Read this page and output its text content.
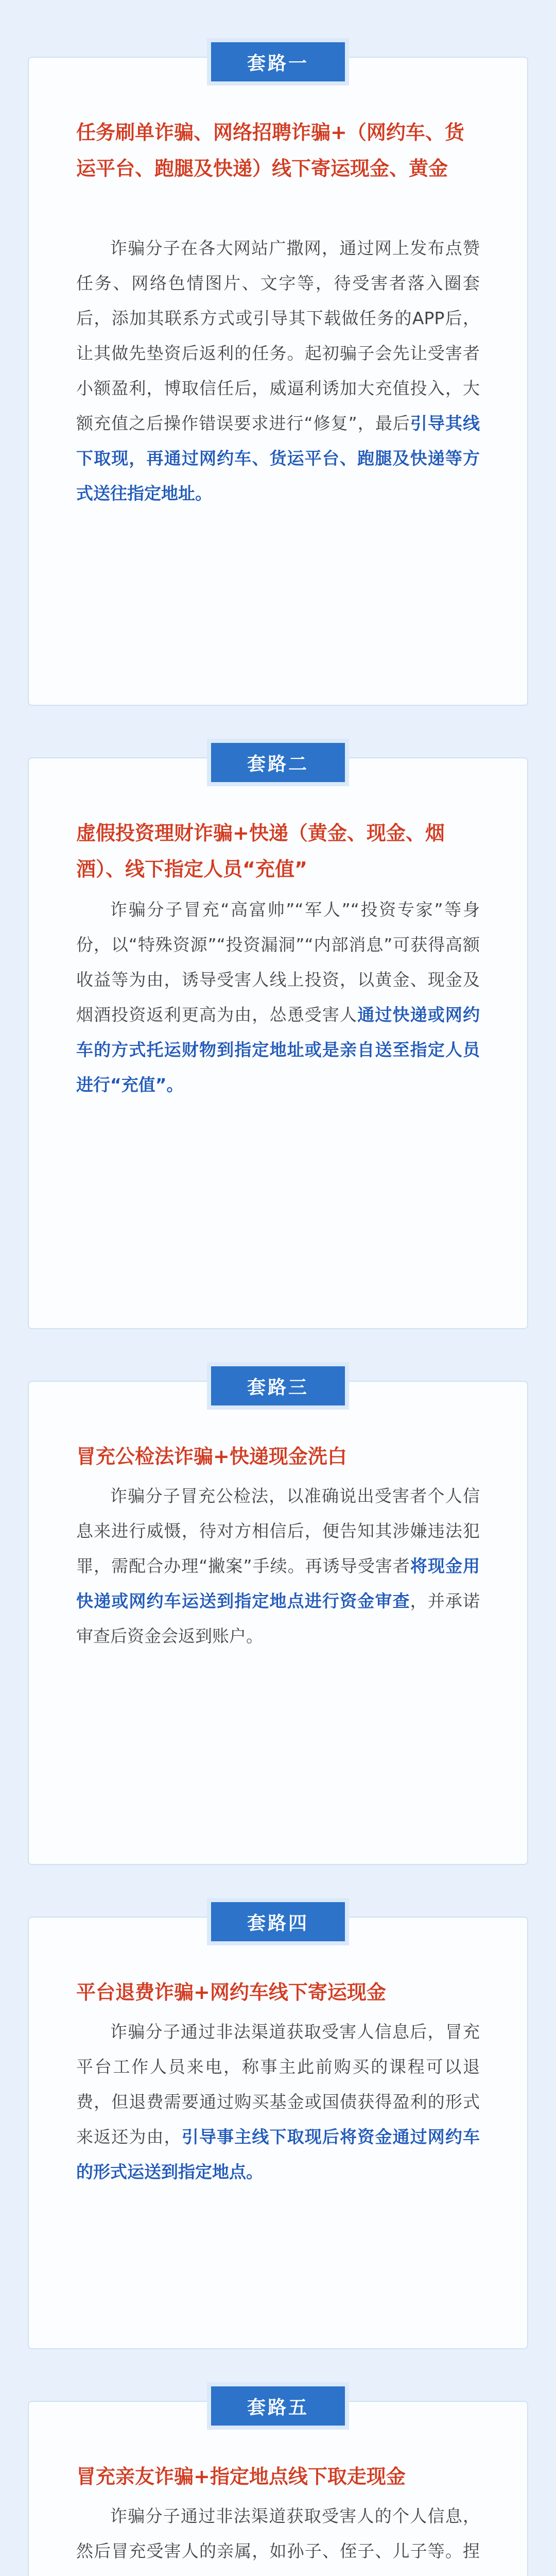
套路一
任务刷单诈骗、网络招聘诈骗+（网约车、货运平台、跑腿及快递）线下寄运现金、黄金
诈骗分子在各大网站广撒网，通过网上发布点赞任务、网络色情图片、文字等，待受害者落入圈套后，添加其联系方式或引导其下载做任务的APP后，让其做先垫资后返利的任务。起初骗子会先让受害者小额盈利，博取信任后，威逼利诱加大充值投入，大额充值之后操作错误要求进行“修复”，最后引导其线下取现，再通过网约车、货运平台、跑腿及快递等方式送往指定地址。
套路二
虚假投资理财诈骗+快递（黄金、现金、烟酒）、线下指定人员“充值”
诈骗分子冒充“高富帅”“军人”“投资专家”等身份，以“特殊资源”“投资漏洞”“内部消息”可获得高额收益等为由，诱导受害人线上投资，以黄金、现金及烟酒投资返利更高为由，怂恿受害人通过快递或网约车的方式托运财物到指定地址或是亲自送至指定人员进行“充值”。
套路三
冒充公检法诈骗+快递现金洗白
诈骗分子冒充公检法，以准确说出受害者个人信息来进行威慑，待对方相信后，便告知其涉嫌违法犯罪，需配合办理“撇案”手续。再诱导受害者将现金用快递或网约车运送到指定地点进行资金审查，并承诺审查后资金会返到账户。
套路四
平台退费诈骗+网约车线下寄运现金
诈骗分子通过非法渠道获取受害人信息后，冒充平台工作人员来电，称事主此前购买的课程可以退费，但退费需要通过购买基金或国债获得盈利的形式来返还为由，引导事主线下取现后将资金通过网约车的形式运送到指定地点。
套路五
冒充亲友诈骗+指定地点线下取走现金
诈骗分子通过非法渠道获取受害人的个人信息，然后冒充受害人的亲属，如孙子、侄子、儿子等。捏
